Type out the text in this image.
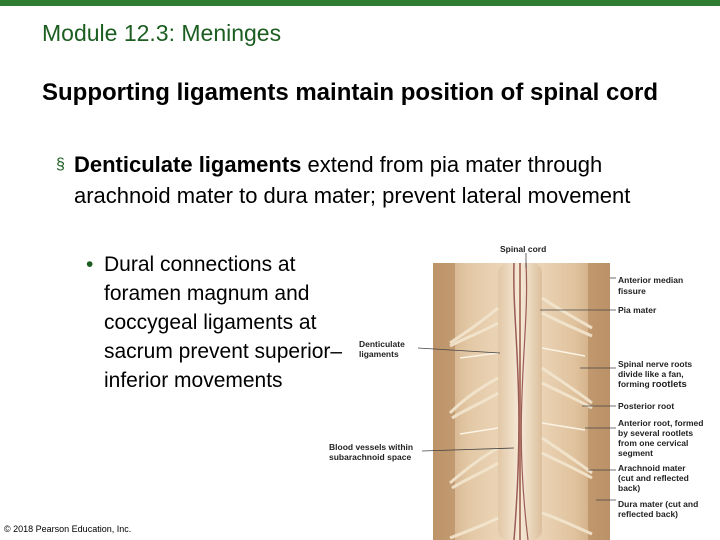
Module 12.3: Meninges
Supporting ligaments maintain position of spinal cord
§ Denticulate ligaments extend from pia mater through arachnoid mater to dura mater; prevent lateral movement
• Dural connections at foramen magnum and coccygeal ligaments at sacrum prevent superior–inferior movements
Spinal cord
Anterior median
fissure
Pia mater
Denticulate
ligaments
Spinal nerve roots
divide like a fan,
forming rootlets
Posterior root
Anterior root, formed
by several rootlets
from one cervical
segment
Blood vessels within
subarachnoid space
Arachnoid mater
(cut and reflected
back)
Dura mater (cut and
reflected back)
© 2018 Pearson Education, Inc.
